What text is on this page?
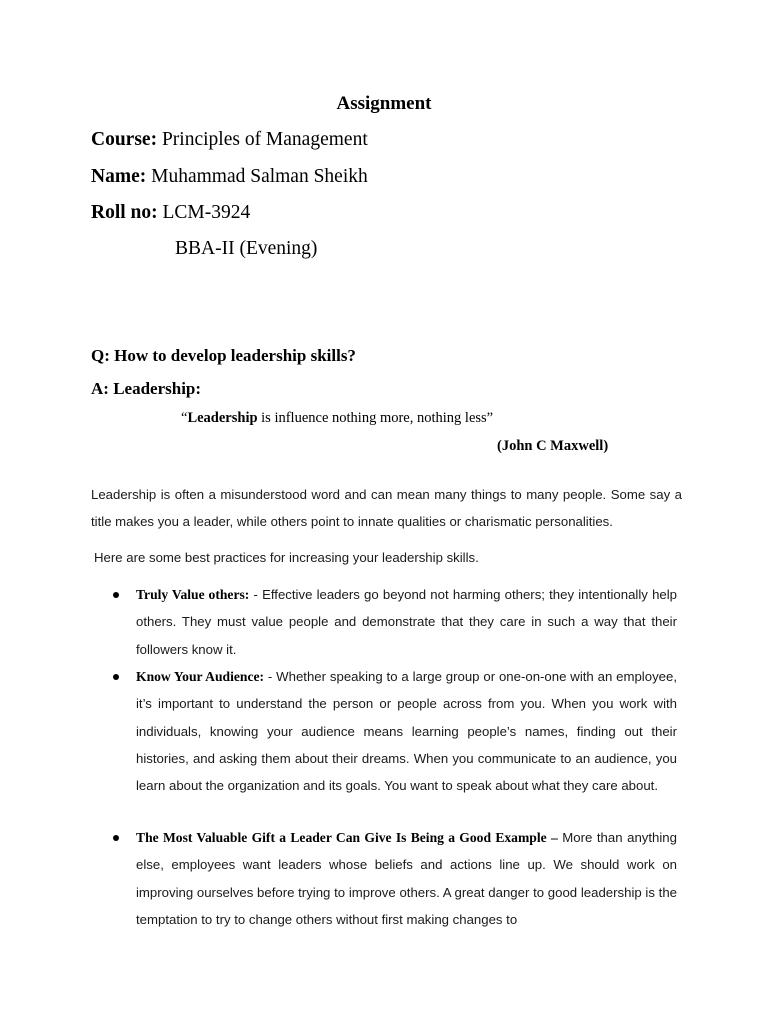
Assignment
Course: Principles of Management
Name: Muhammad Salman Sheikh
Roll no: LCM-3924
BBA-II (Evening)
Q: How to develop leadership skills?
A: Leadership:
“Leadership is influence nothing more, nothing less”
(John C Maxwell)
Leadership is often a misunderstood word and can mean many things to many people. Some say a title makes you a leader, while others point to innate qualities or charismatic personalities.
Here are some best practices for increasing your leadership skills.
Truly Value others: - Effective leaders go beyond not harming others; they intentionally help others. They must value people and demonstrate that they care in such a way that their followers know it.
Know Your Audience: - Whether speaking to a large group or one-on-one with an employee, it’s important to understand the person or people across from you. When you work with individuals, knowing your audience means learning people’s names, finding out their histories, and asking them about their dreams. When you communicate to an audience, you learn about the organization and its goals. You want to speak about what they care about.
The Most Valuable Gift a Leader Can Give Is Being a Good Example – More than anything else, employees want leaders whose beliefs and actions line up. We should work on improving ourselves before trying to improve others. A great danger to good leadership is the temptation to try to change others without first making changes to
